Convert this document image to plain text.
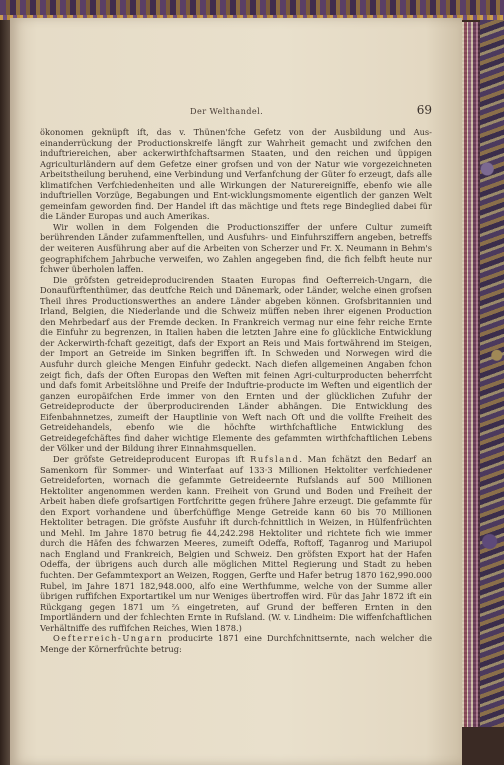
Der Welthandel.	69

ökonomen geknüpft ift, das v. Thünen'fche Gefetz von der Ausbildung und Aus-einanderrückung der Productionskreife längft zur Wahrheit gemacht und zwifchen den induftriereichen, aber ackerwirthfchaftsarmen Staaten, und den reichen und üppigen Agriculturländern auf dem Gefetze einer grofsen und von der Natur wie vorgezeichneten Arbeitstheilung beruhend, eine Verbindung und Verfanfchung der Güter fo erzeugt, dafs alle klimatifchen Verfchiedenheiten und alle Wirkungen der Naturereigniffe, ebenfo wie alle induftriellen Vorzüge, Begabungen und Ent-wicklungsmomente eigentlich der ganzen Welt gemeinfam geworden find. Der Handel ift das mächtige und ftets rege Bindeglied dabei für die Länder Europas und auch Amerikas.

Wir wollen in dem Folgenden die Productionsziffer der unfere Cultur zumeift berührenden Länder zufammenftellen, und Ausfuhrs- und Einfuhrsziffern angeben, betreffs der weiteren Ausführung aber auf die Arbeiten von Scherzer und Fr. X. Neumann in Behm's geographifchem Jahrbuche verweifen, wo Zahlen angegeben find, die fich felbft heute nur fchwer überholen laffen.

Die gröfsten getreideproducirenden Staaten Europas find Oefterreich-Ungarn, die Donaufürftenthümer, das deutfche Reich und Dänemark, oder Länder, welche einen grofsen Theil ihres Productionswerthes an andere Länder abgeben können. Grofsbritannien und Irland, Belgien, die Niederlande und die Schweiz müffen neben ihrer eigenen Production den Mehrbedarf aus der Fremde decken. In Frankreich vermag nur eine fehr reiche Ernte die Einfuhr zu begrenzen, in Italien haben die letzten Jahre eine fo glückliche Entwicklung der Ackerwirth-fchaft gezeitigt, dafs der Export an Reis und Mais fortwährend im Steigen, der Import an Getreide im Sinken begriffen ift. In Schweden und Norwegen wird die Ausfuhr durch gleiche Mengen Einfuhr gedeckt. Nach diefen allgemeinen Angaben fchon zeigt fich, dafs der Often Europas den Weften mit feinen Agri-culturproducten beherrfcht und dafs fomit Arbeitslöhne und Preife der Induftrie-producte im Weften und eigentlich der ganzen europäifchen Erde immer von den Ernten und der glücklichen Zufuhr der Getreideproducte der überproducirenden Länder abhängen. Die Entwicklung des Eifenbahnnetzes, zumeift der Hauptlinie von Weft nach Oft und die vollfte Freiheit des Getreidehandels, ebenfo wie die höchfte wirthfchaftliche Entwicklung des Getreidegefchäftes find daher wichtige Elemente des gefammten wirthfchaftlichen Lebens der Völker und der Bildung ihrer Einnahmsquellen.

Der gröfste Getreideproducent Europas ift Rufsland. Man fchätzt den Bedarf an Samenkorn für Sommer- und Winterfaat auf 133·3 Millionen Hektoliter verfchiedener Getreideforten, wornach die gefammte Getreideernte Rufslands auf 500 Millionen Hektoliter angenommen werden kann. Freiheit von Grund und Boden und Freiheit der Arbeit haben diefe grofsartigen Fortfchritte gegen frühere Jahre erzeugt. Die gefammte für den Export vorhandene und überfchüffige Menge Getreide kann 60 bis 70 Millionen Hektoliter betragen. Die gröfste Ausfuhr ift durch-fchnittlich in Weizen, in Hülfenfrüchten und Mehl. Im Jahre 1870 betrug fie 44,242.298 Hektoliter und richtete fich wie immer durch die Häfen des fchwarzen Meeres, zumeift Odeffa, Roftoff, Taganrog und Mariupol nach England und Frankreich, Belgien und Schweiz. Den gröfsten Export hat der Hafen Odeffa, der übrigens auch durch alle möglichen Mittel Regierung und Stadt zu heben fuchten. Der Gefammtexport an Weizen, Roggen, Gerfte und Hafer betrug 1870 162,990.000 Rubel, im Jahre 1871 182,948.000, alfo eine Werthfumme, welche von der Summe aller übrigen ruffifchen Exportartikel um nur Weniges übertroffen wird. Für das Jahr 1872 ift ein Rückgang gegen 1871 um ⅔ eingetreten, auf Grund der befferen Ernten in den Importländern und der fchlechten Ernte in Rufsland. (W. v. Lindheim: Die wiffenfchaftlichen Verhältniffe des ruffifchen Reiches, Wien 1878.)

Oefterreich-Ungarn producirte 1871 eine Durchfchnittsernte, nach welcher die Menge der Körnerfrüchte betrug:
